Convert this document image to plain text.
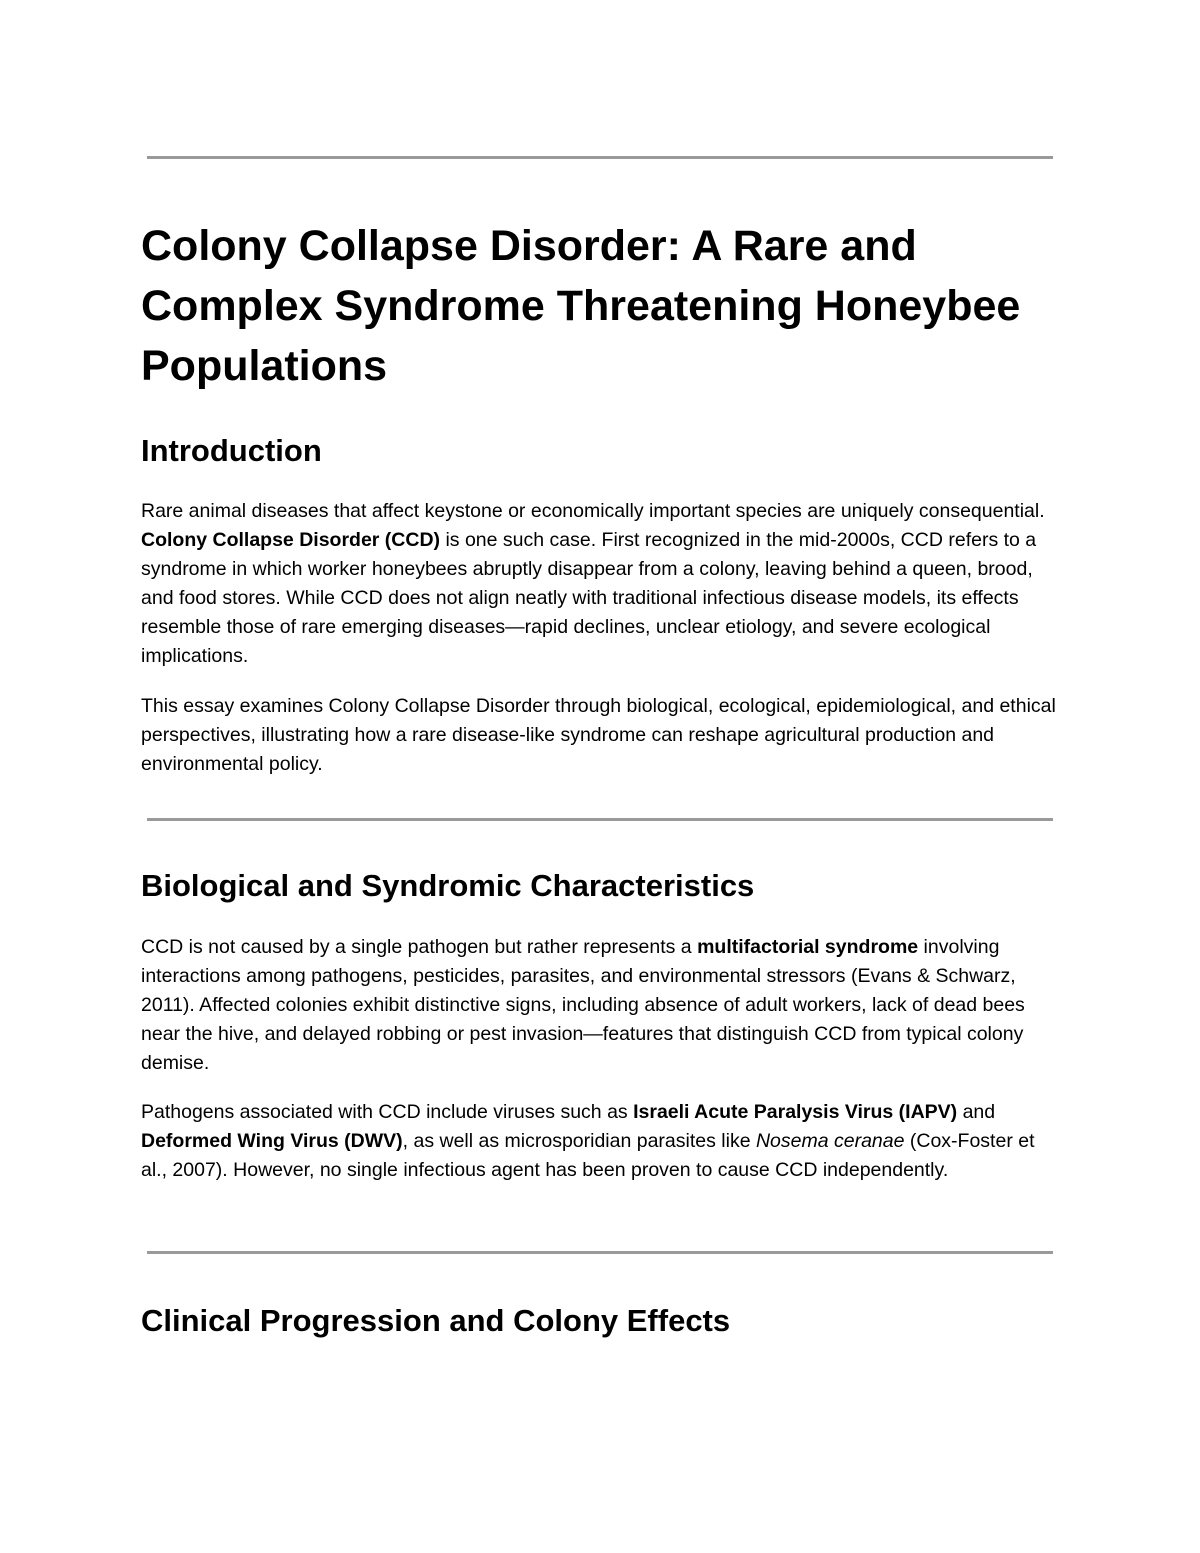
Colony Collapse Disorder: A Rare and Complex Syndrome Threatening Honeybee Populations
Introduction

Rare animal diseases that affect keystone or economically important species are uniquely consequential. Colony Collapse Disorder (CCD) is one such case. First recognized in the mid-2000s, CCD refers to a syndrome in which worker honeybees abruptly disappear from a colony, leaving behind a queen, brood, and food stores. While CCD does not align neatly with traditional infectious disease models, its effects resemble those of rare emerging diseases—rapid declines, unclear etiology, and severe ecological implications.

This essay examines Colony Collapse Disorder through biological, ecological, epidemiological, and ethical perspectives, illustrating how a rare disease-like syndrome can reshape agricultural production and environmental policy.

Biological and Syndromic Characteristics

CCD is not caused by a single pathogen but rather represents a multifactorial syndrome involving interactions among pathogens, pesticides, parasites, and environmental stressors (Evans & Schwarz, 2011). Affected colonies exhibit distinctive signs, including absence of adult workers, lack of dead bees near the hive, and delayed robbing or pest invasion—features that distinguish CCD from typical colony demise.

Pathogens associated with CCD include viruses such as Israeli Acute Paralysis Virus (IAPV) and Deformed Wing Virus (DWV), as well as microsporidian parasites like Nosema ceranae (Cox-Foster et al., 2007). However, no single infectious agent has been proven to cause CCD independently.

Clinical Progression and Colony Effects
